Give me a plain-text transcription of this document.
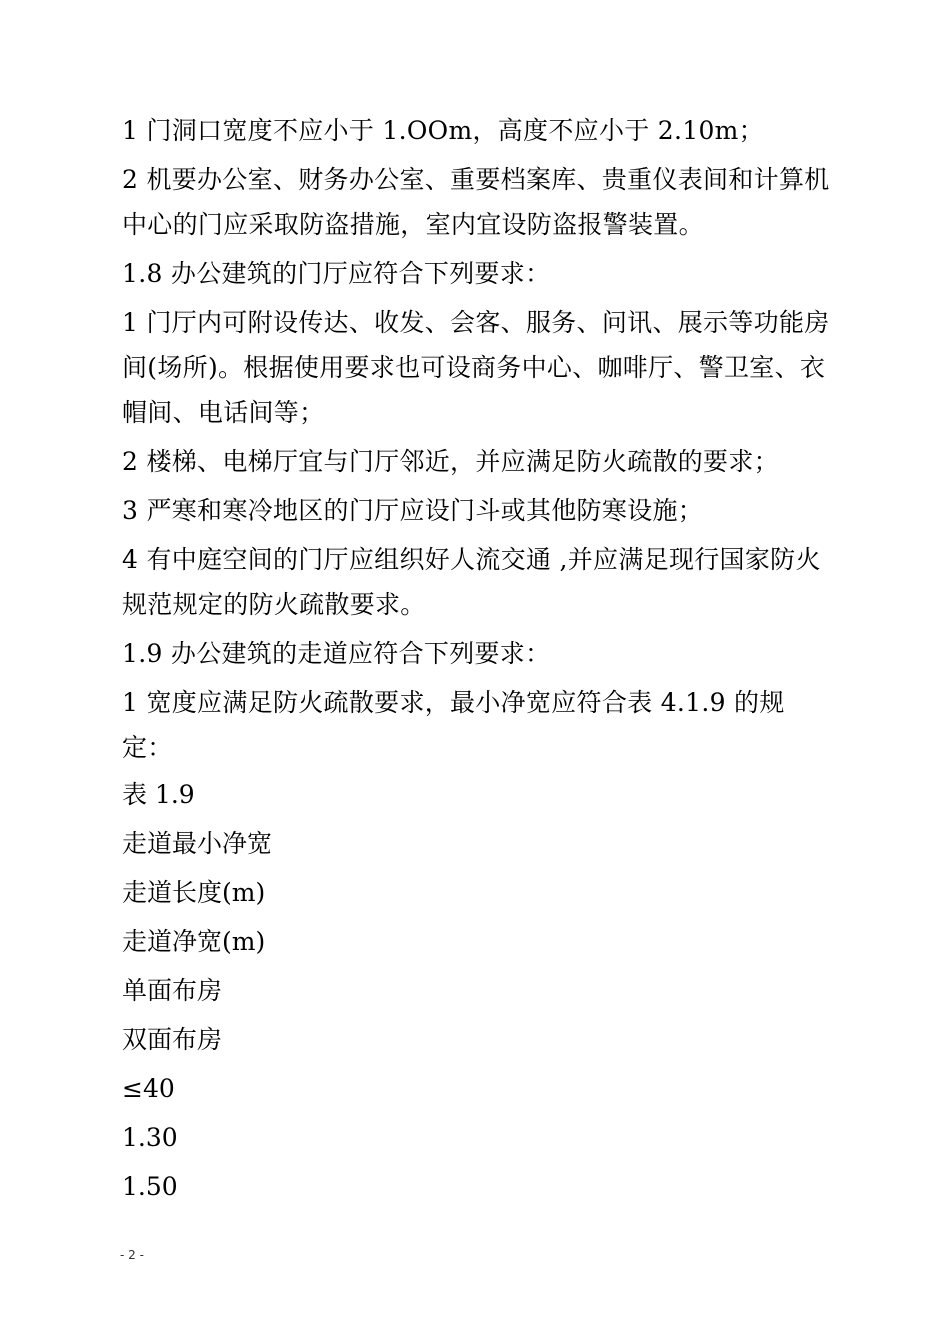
1 门洞口宽度不应小于 1.OOm，高度不应小于 2.10m；

2 机要办公室、财务办公室、重要档案库、贵重仪表间和计算机中心的门应采取防盗措施，室内宜设防盗报警装置。

1.8 办公建筑的门厅应符合下列要求：

1 门厅内可附设传达、收发、会客、服务、问讯、展示等功能房间(场所)。根据使用要求也可设商务中心、咖啡厅、警卫室、衣帽间、电话间等；

2 楼梯、电梯厅宜与门厅邻近，并应满足防火疏散的要求；

3 严寒和寒冷地区的门厅应设门斗或其他防寒设施；

4 有中庭空间的门厅应组织好人流交通 ,并应满足现行国家防火规范规定的防火疏散要求。

1.9 办公建筑的走道应符合下列要求：

1 宽度应满足防火疏散要求，最小净宽应符合表 4.1.9 的规定：

表 1.9

走道最小净宽

走道长度(m)

走道净宽(m)

单面布房

双面布房

≤40

1.30

1.50

- 2 -
